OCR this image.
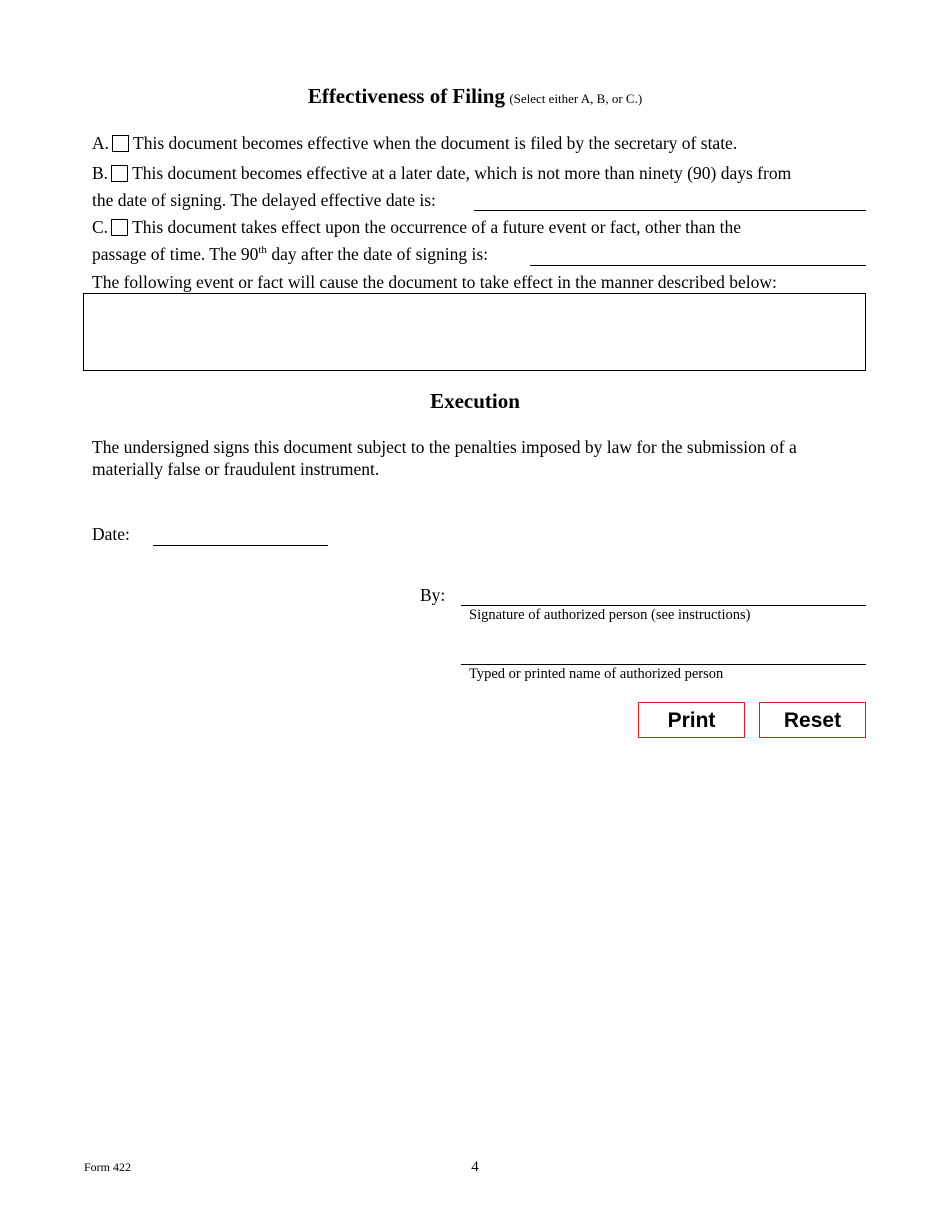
Effectiveness of Filing (Select either A, B, or C.)
A. This document becomes effective when the document is filed by the secretary of state.
B. This document becomes effective at a later date, which is not more than ninety (90) days from
the date of signing. The delayed effective date is:
C. This document takes effect upon the occurrence of a future event or fact, other than the
passage of time. The 90th day after the date of signing is:
The following event or fact will cause the document to take effect in the manner described below:
Execution
The undersigned signs this document subject to the penalties imposed by law for the submission of a materially false or fraudulent instrument.
Date:
By:
Signature of authorized person (see instructions)
Typed or printed name of authorized person
Print	Reset
Form 422	4
